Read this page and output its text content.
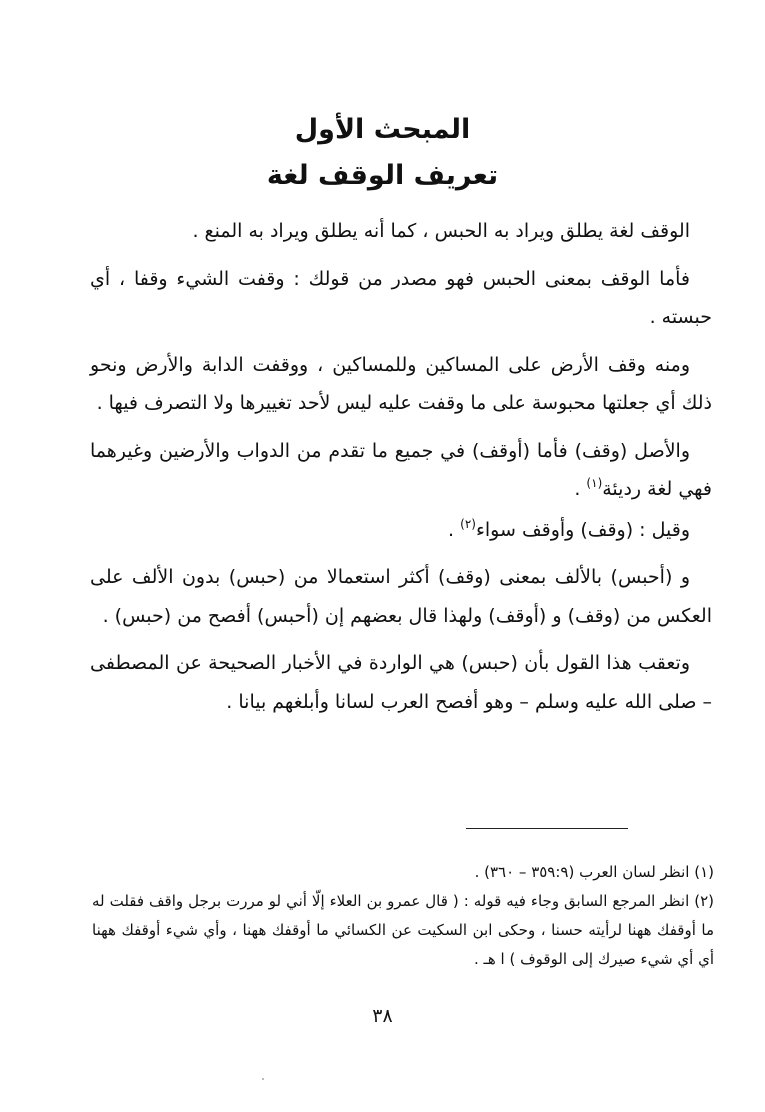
المبحث الأول
تعريف الوقف لغة

الوقف لغة يطلق ويراد به الحبس ، كما أنه يطلق ويراد به المنع .

فأما الوقف بمعنى الحبس فهو مصدر من قولك : وقفت الشيء وقفا ، أي حبسته .

ومنه وقف الأرض على المساكين وللمساكين ، ووقفت الدابة والأرض ونحو ذلك أي جعلتها محبوسة على ما وقفت عليه ليس لأحد تغييرها ولا التصرف فيها .

والأصل (وقف) فأما (أوقف) في جميع ما تقدم من الدواب والأرضين وغيرهما فهي لغة رديئة$^{(١)}$ .

وقيل : (وقف) وأوقف سواء$^{(٢)}$ .

و (أحبس) بالألف بمعنى (وقف) أكثر استعمالا من (حبس) بدون الألف على العكس من (وقف) و (أوقف) ولهذا قال بعضهم إن (أحبس) أفصح من (حبس) .

وتعقب هذا القول بأن (حبس) هي الواردة في الأخبار الصحيحة عن المصطفى – صلى الله عليه وسلم – وهو أفصح العرب لسانا وأبلغهم بيانا .

(١) انظر لسان العرب (٣٥٩:٩ – ٣٦٠) .

(٢) انظر المرجع السابق وجاء فيه قوله : ( قال عمرو بن العلاء إلّا أني لو مررت برجل واقف فقلت له ما أوقفك ههنا لرأيته حسنا ، وحكى ابن السكيت عن الكسائي ما أوقفك ههنا ، وأي شيء أوقفك ههنا أي أي شيء صيرك إلى الوقوف ) ا هـ .

٣٨
